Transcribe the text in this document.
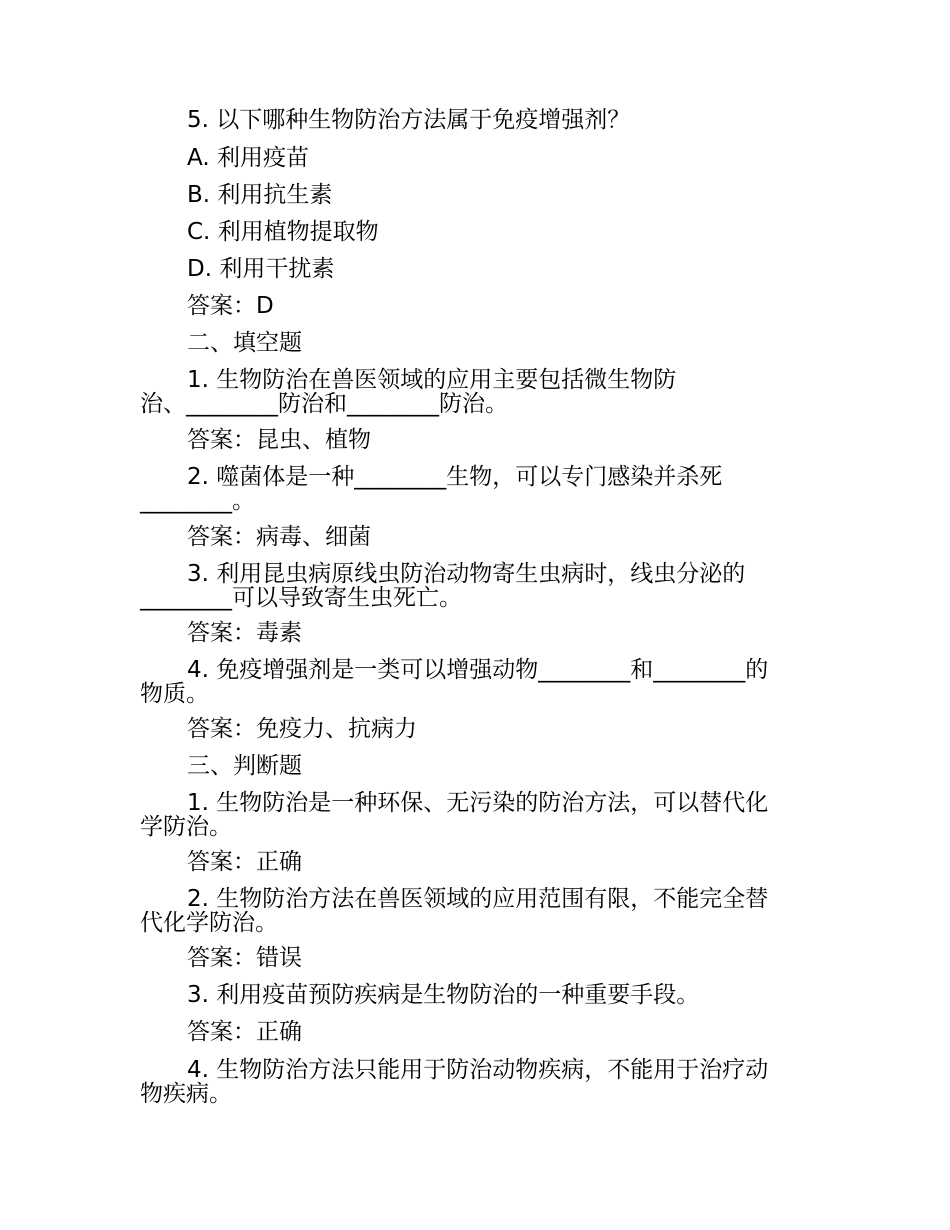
5. 以下哪种生物防治方法属于免疫增强剂？
A. 利用疫苗
B. 利用抗生素
C. 利用植物提取物
D. 利用干扰素
答案：D
二、填空题
1. 生物防治在兽医领域的应用主要包括微生物防
治、________防治和________防治。
答案：昆虫、植物
2. 噬菌体是一种________生物，可以专门感染并杀死
________。
答案：病毒、细菌
3. 利用昆虫病原线虫防治动物寄生虫病时，线虫分泌的
________可以导致寄生虫死亡。
答案：毒素
4. 免疫增强剂是一类可以增强动物________和________的
物质。
答案：免疫力、抗病力
三、判断题
1. 生物防治是一种环保、无污染的防治方法，可以替代化
学防治。
答案：正确
2. 生物防治方法在兽医领域的应用范围有限，不能完全替
代化学防治。
答案：错误
3. 利用疫苗预防疾病是生物防治的一种重要手段。
答案：正确
4. 生物防治方法只能用于防治动物疾病，不能用于治疗动
物疾病。
